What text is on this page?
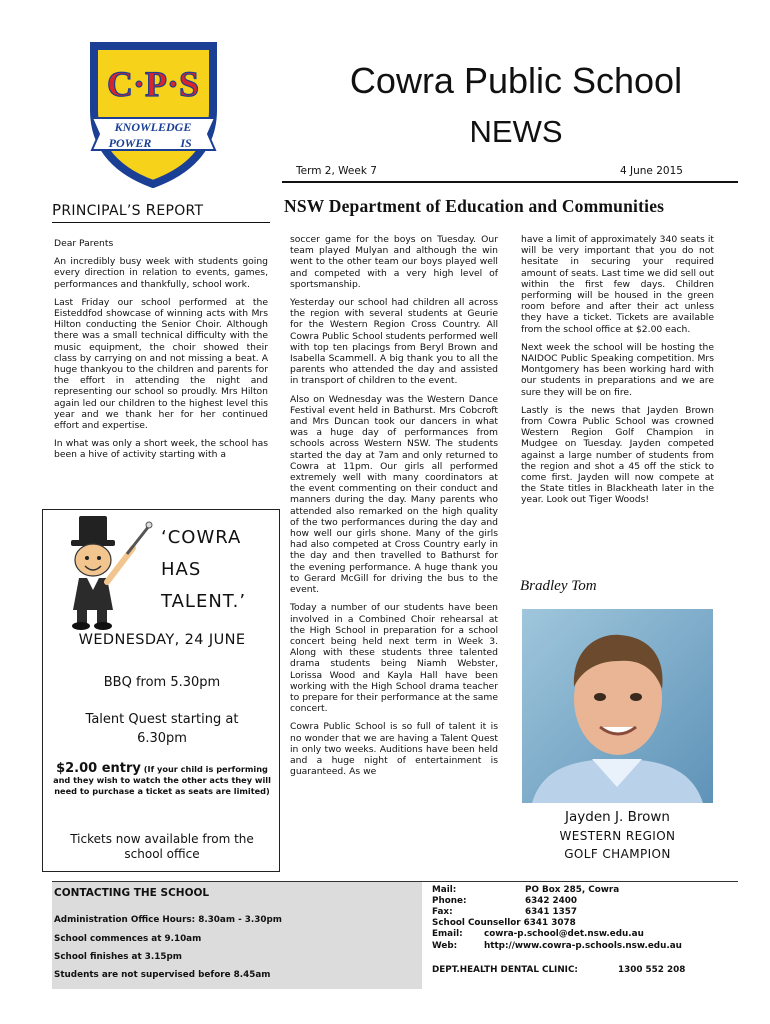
C·P·S
KNOWLEDGE
POWER IS
Cowra Public School
NEWS
Term 2, Week 7	4 June 2015
PRINCIPAL’S REPORT	NSW Department of Education and Communities

Dear Parents

An incredibly busy week with students going every direction in relation to events, games, performances and thankfully, school work.

Last Friday our school performed at the Eisteddfod showcase of winning acts with Mrs Hilton conducting the Senior Choir. Although there was a small technical difficulty with the music equipment, the choir showed their class by carrying on and not missing a beat. A huge thankyou to the children and parents for the effort in attending the night and representing our school so proudly. Mrs Hilton again led our children to the highest level this year and we thank her for her continued effort and expertise.

In what was only a short week, the school has been a hive of activity starting with a

soccer game for the boys on Tuesday. Our team played Mulyan and although the win went to the other team our boys played well and competed with a very high level of sportsmanship.

Yesterday our school had children all across the region with several students at Geurie for the Western Region Cross Country. All Cowra Public School students performed well with top ten placings from Beryl Brown and Isabella Scammell. A big thank you to all the parents who attended the day and assisted in transport of children to the event.

Also on Wednesday was the Western Dance Festival event held in Bathurst. Mrs Cobcroft and Mrs Duncan took our dancers in what was a huge day of performances from schools across Western NSW. The students started the day at 7am and only returned to Cowra at 11pm. Our girls all performed extremely well with many coordinators at the event commenting on their conduct and manners during the day. Many parents who attended also remarked on the high quality of the two performances during the day and how well our girls shone. Many of the girls had also competed at Cross Country early in the day and then travelled to Bathurst for the evening performance. A huge thank you to Gerard McGill for driving the bus to the event.

Today a number of our students have been involved in a Combined Choir rehearsal at the High School in preparation for a school concert being held next term in Week 3. Along with these students three talented drama students being Niamh Webster, Lorissa Wood and Kayla Hall have been working with the High School drama teacher to prepare for their performance at the same concert.

Cowra Public School is so full of talent it is no wonder that we are having a Talent Quest in only two weeks. Auditions have been held and a huge night of entertainment is guaranteed. As we

have a limit of approximately 340 seats it will be very important that you do not hesitate in securing your required amount of seats. Last time we did sell out within the first few days. Children performing will be housed in the green room before and after their act unless they have a ticket. Tickets are available from the school office at $2.00 each.

Next week the school will be hosting the NAIDOC Public Speaking competition. Mrs Montgomery has been working hard with our students in preparations and we are sure they will be on fire.

Lastly is the news that Jayden Brown from Cowra Public School was crowned Western Region Golf Champion in Mudgee on Tuesday. Jayden competed against a large number of students from the region and shot a 45 off the stick to come first. Jayden will now compete at the State titles in Blackheath later in the year. Look out Tiger Woods!

‘COWRA
HAS
TALENT.’
WEDNESDAY, 24 JUNE
BBQ from 5.30pm
Talent Quest starting at 6.30pm
$2.00 entry (If your child is performing and they wish to watch the other acts they will need to purchase a ticket as seats are limited)
Tickets now available from the school office
Bradley Tom
Jayden J. Brown
WESTERN REGION
GOLF CHAMPION
CONTACTING THE SCHOOL
Administration Office Hours: 8.30am - 3.30pm
School commences at 9.10am
School finishes at 3.15pm
Students are not supervised before 8.45am
Mail:	PO Box 285, Cowra
Phone:	6342 2400
Fax:	6341 1357
School Counsellor 6341 3078
Email: cowra-p.school@det.nsw.edu.au
Web:	http://www.cowra-p.schools.nsw.edu.au
DEPT.HEALTH DENTAL CLINIC:	1300 552 208
